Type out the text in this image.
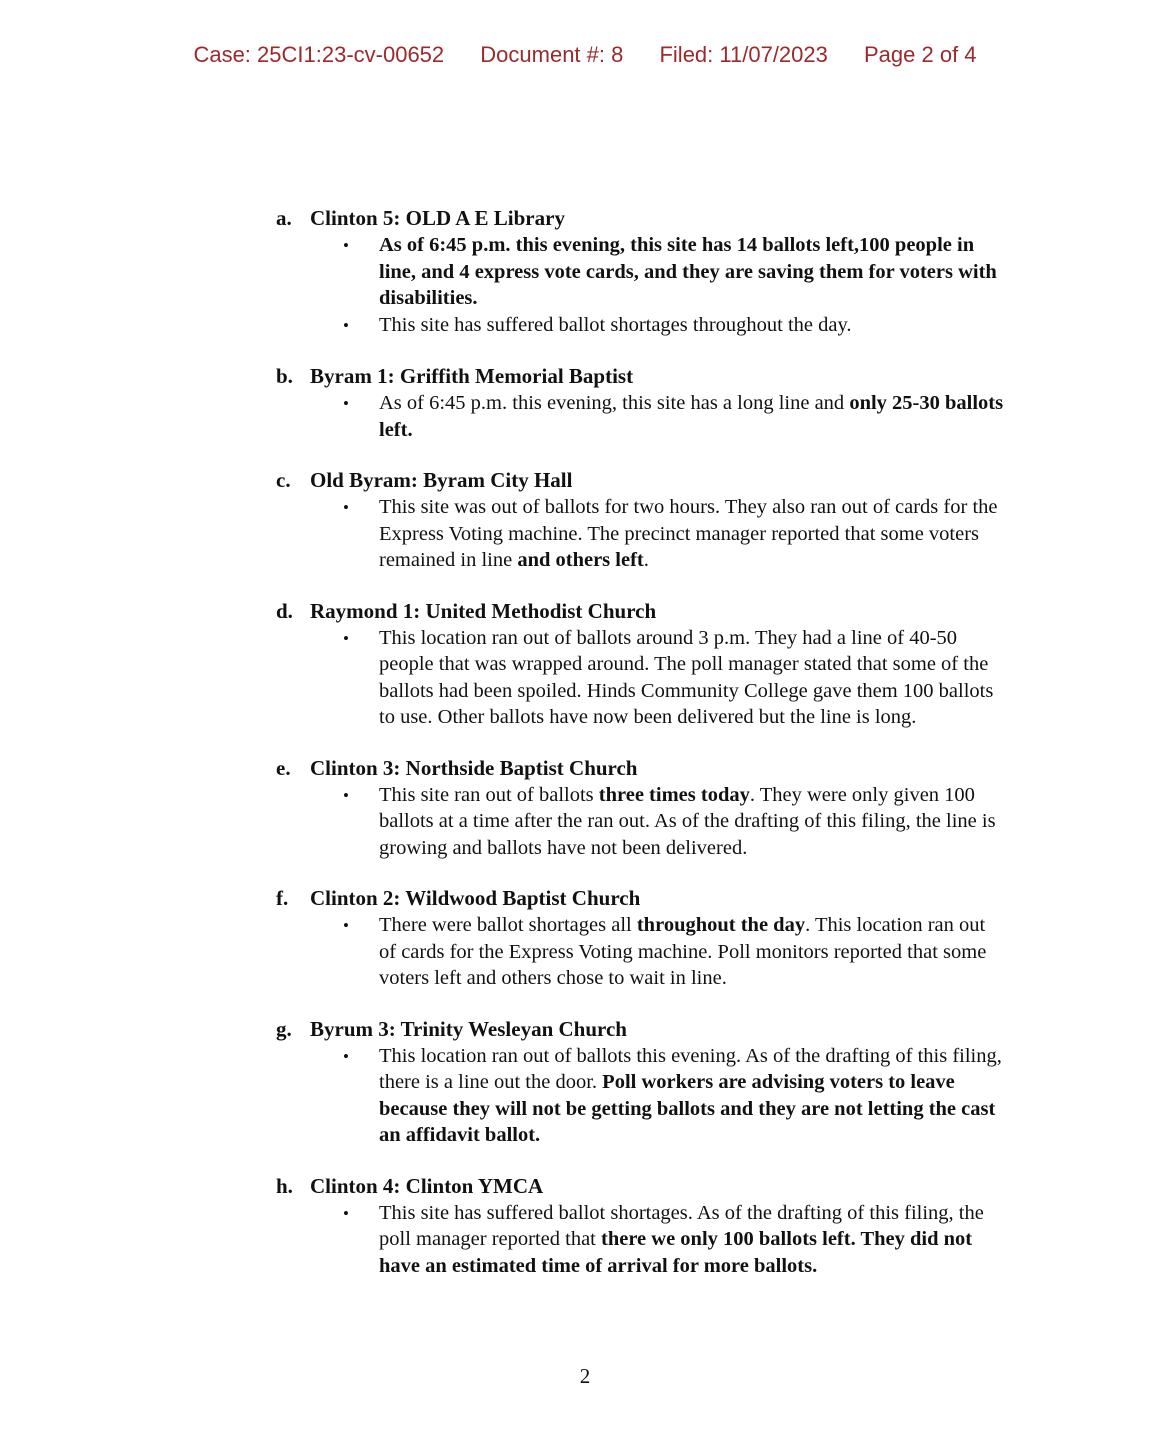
Case: 25CI1:23-cv-00652 Document #: 8 Filed: 11/07/2023 Page 2 of 4
a. Clinton 5: OLD A E Library
•
As of 6:45 p.m. this evening, this site has 14 ballots left,100 people in line, and 4 express vote cards, and they are saving them for voters with disabilities.
•
This site has suffered ballot shortages throughout the day.
b. Byram 1: Griffith Memorial Baptist
•
As of 6:45 p.m. this evening, this site has a long line and only 25-30 ballots left.
c. Old Byram: Byram City Hall
•
This site was out of ballots for two hours. They also ran out of cards for the Express Voting machine. The precinct manager reported that some voters remained in line and others left.
d. Raymond 1: United Methodist Church
•
This location ran out of ballots around 3 p.m. They had a line of 40-50 people that was wrapped around. The poll manager stated that some of the ballots had been spoiled. Hinds Community College gave them 100 ballots to use. Other ballots have now been delivered but the line is long.
e. Clinton 3: Northside Baptist Church
•
This site ran out of ballots three times today. They were only given 100 ballots at a time after the ran out. As of the drafting of this filing, the line is growing and ballots have not been delivered.
f.	Clinton 2: Wildwood Baptist Church
•
There were ballot shortages all throughout the day. This location ran out of cards for the Express Voting machine. Poll monitors reported that some voters left and others chose to wait in line.
g. Byrum 3: Trinity Wesleyan Church
•
This location ran out of ballots this evening. As of the drafting of this filing, there is a line out the door. Poll workers are advising voters to leave because they will not be getting ballots and they are not letting the cast an affidavit ballot.
h. Clinton 4: Clinton YMCA
•
This site has suffered ballot shortages. As of the drafting of this filing, the poll manager reported that there we only 100 ballots left. They did not have an estimated time of arrival for more ballots.
2
